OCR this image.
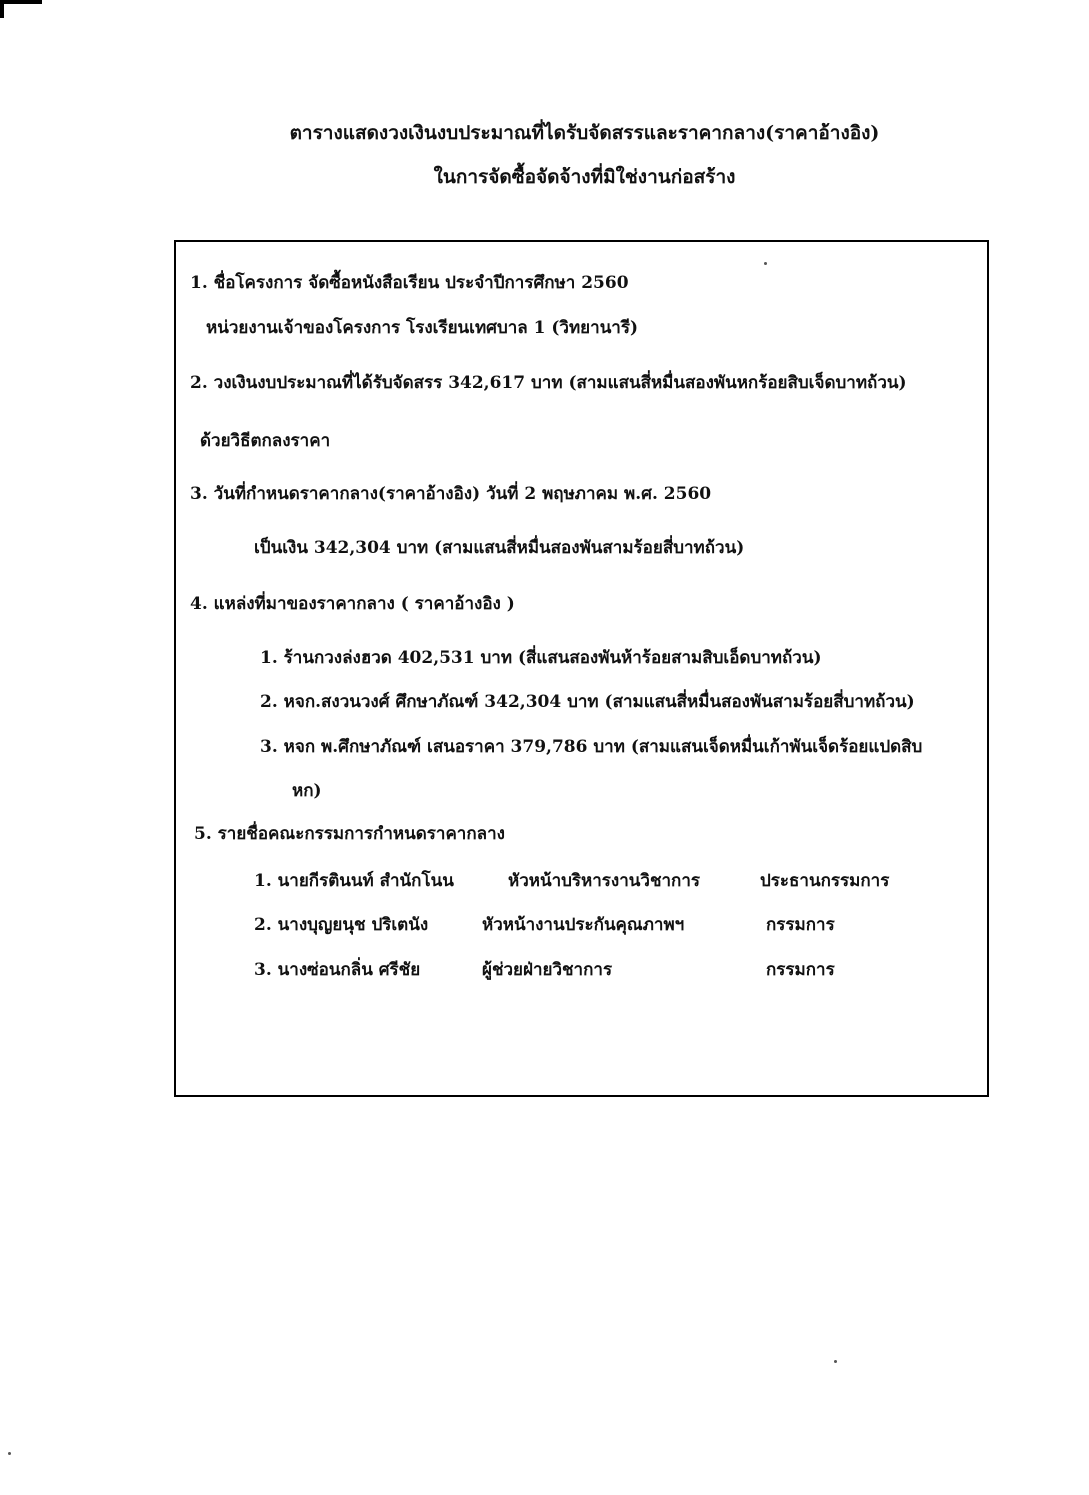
ตารางแสดงวงเงินงบประมาณที่ไดรับจัดสรรและราคากลาง(ราคาอ้างอิง)
ในการจัดซื้อจัดจ้างที่มิใช่งานก่อสร้าง
1. ชื่อโครงการ จัดซื้อหนังสือเรียน ประจำปีการศึกษา 2560
หน่วยงานเจ้าของโครงการ โรงเรียนเทศบาล 1 (วิทยานารี)
2. วงเงินงบประมาณที่ได้รับจัดสรร 342,617 บาท (สามแสนสี่หมื่นสองพันหกร้อยสิบเจ็ดบาทถ้วน)
ด้วยวิธีตกลงราคา
3. วันที่กำหนดราคากลาง(ราคาอ้างอิง) วันที่ 2 พฤษภาคม พ.ศ. 2560
เป็นเงิน 342,304 บาท (สามแสนสี่หมื่นสองพันสามร้อยสี่บาทถ้วน)
4. แหล่งที่มาของราคากลาง ( ราคาอ้างอิง )
1. ร้านกวงล่งฮวด 402,531 บาท (สี่แสนสองพันห้าร้อยสามสิบเอ็ดบาทถ้วน)
2. หจก.สงวนวงศ์ ศึกษาภัณฑ์ 342,304 บาท (สามแสนสี่หมื่นสองพันสามร้อยสี่บาทถ้วน)
3. หจก พ.ศึกษาภัณฑ์ เสนอราคา 379,786 บาท (สามแสนเจ็ดหมื่นเก้าพันเจ็ดร้อยแปดสิบ
หก)
5. รายชื่อคณะกรรมการกำหนดราคากลาง
1. นายกีรตินนท์ สำนักโนน	หัวหน้าบริหารงานวิชาการ	ประธานกรรมการ
2. นางบุญยนุช ปริเตนัง	หัวหน้างานประกันคุณภาพฯ	กรรมการ
3. นางซ่อนกลิ่น ศรีชัย	ผู้ช่วยฝ่ายวิชาการ	กรรมการ
